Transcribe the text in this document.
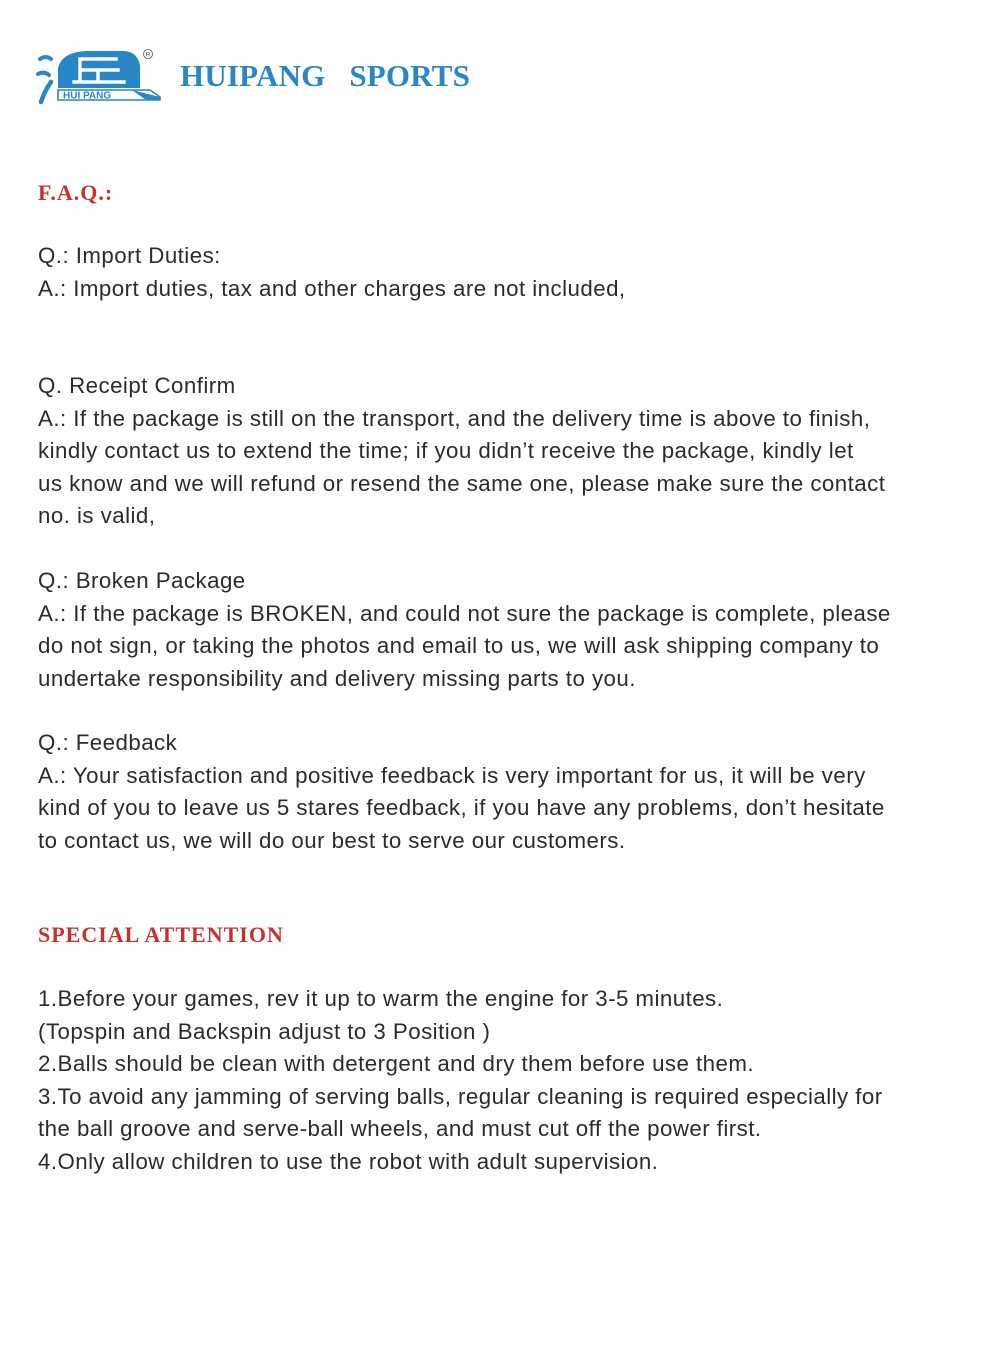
HUI PANG
R
HUIPANG   SPORTS
F.A.Q.:
Q.: Import Duties:
A.: Import duties, tax and other charges are not included,
Q. Receipt Confirm
A.: If the package is still on the transport, and the delivery time is above to finish,
kindly contact us to extend the time; if you didn’t receive the package, kindly let
us know and we will refund or resend the same one, please make sure the contact
no. is valid,
Q.: Broken Package
A.: If the package is BROKEN, and could not sure the package is complete, please
do not sign, or taking the photos and email to us, we will ask shipping company to
undertake responsibility and delivery missing parts to you.
Q.: Feedback
A.: Your satisfaction and positive feedback is very important for us, it will be very
kind of you to leave us 5 stares feedback, if you have any problems, don’t hesitate
to contact us, we will do our best to serve our customers.
SPECIAL ATTENTION
1.Before your games, rev it up to warm the engine for 3-5 minutes.
(Topspin and Backspin adjust to 3 Position )
2.Balls should be clean with detergent and dry them before use them.
3.To avoid any jamming of serving balls, regular cleaning is required especially for
the ball groove and serve-ball wheels, and must cut off the power first.
4.Only allow children to use the robot with adult supervision.
